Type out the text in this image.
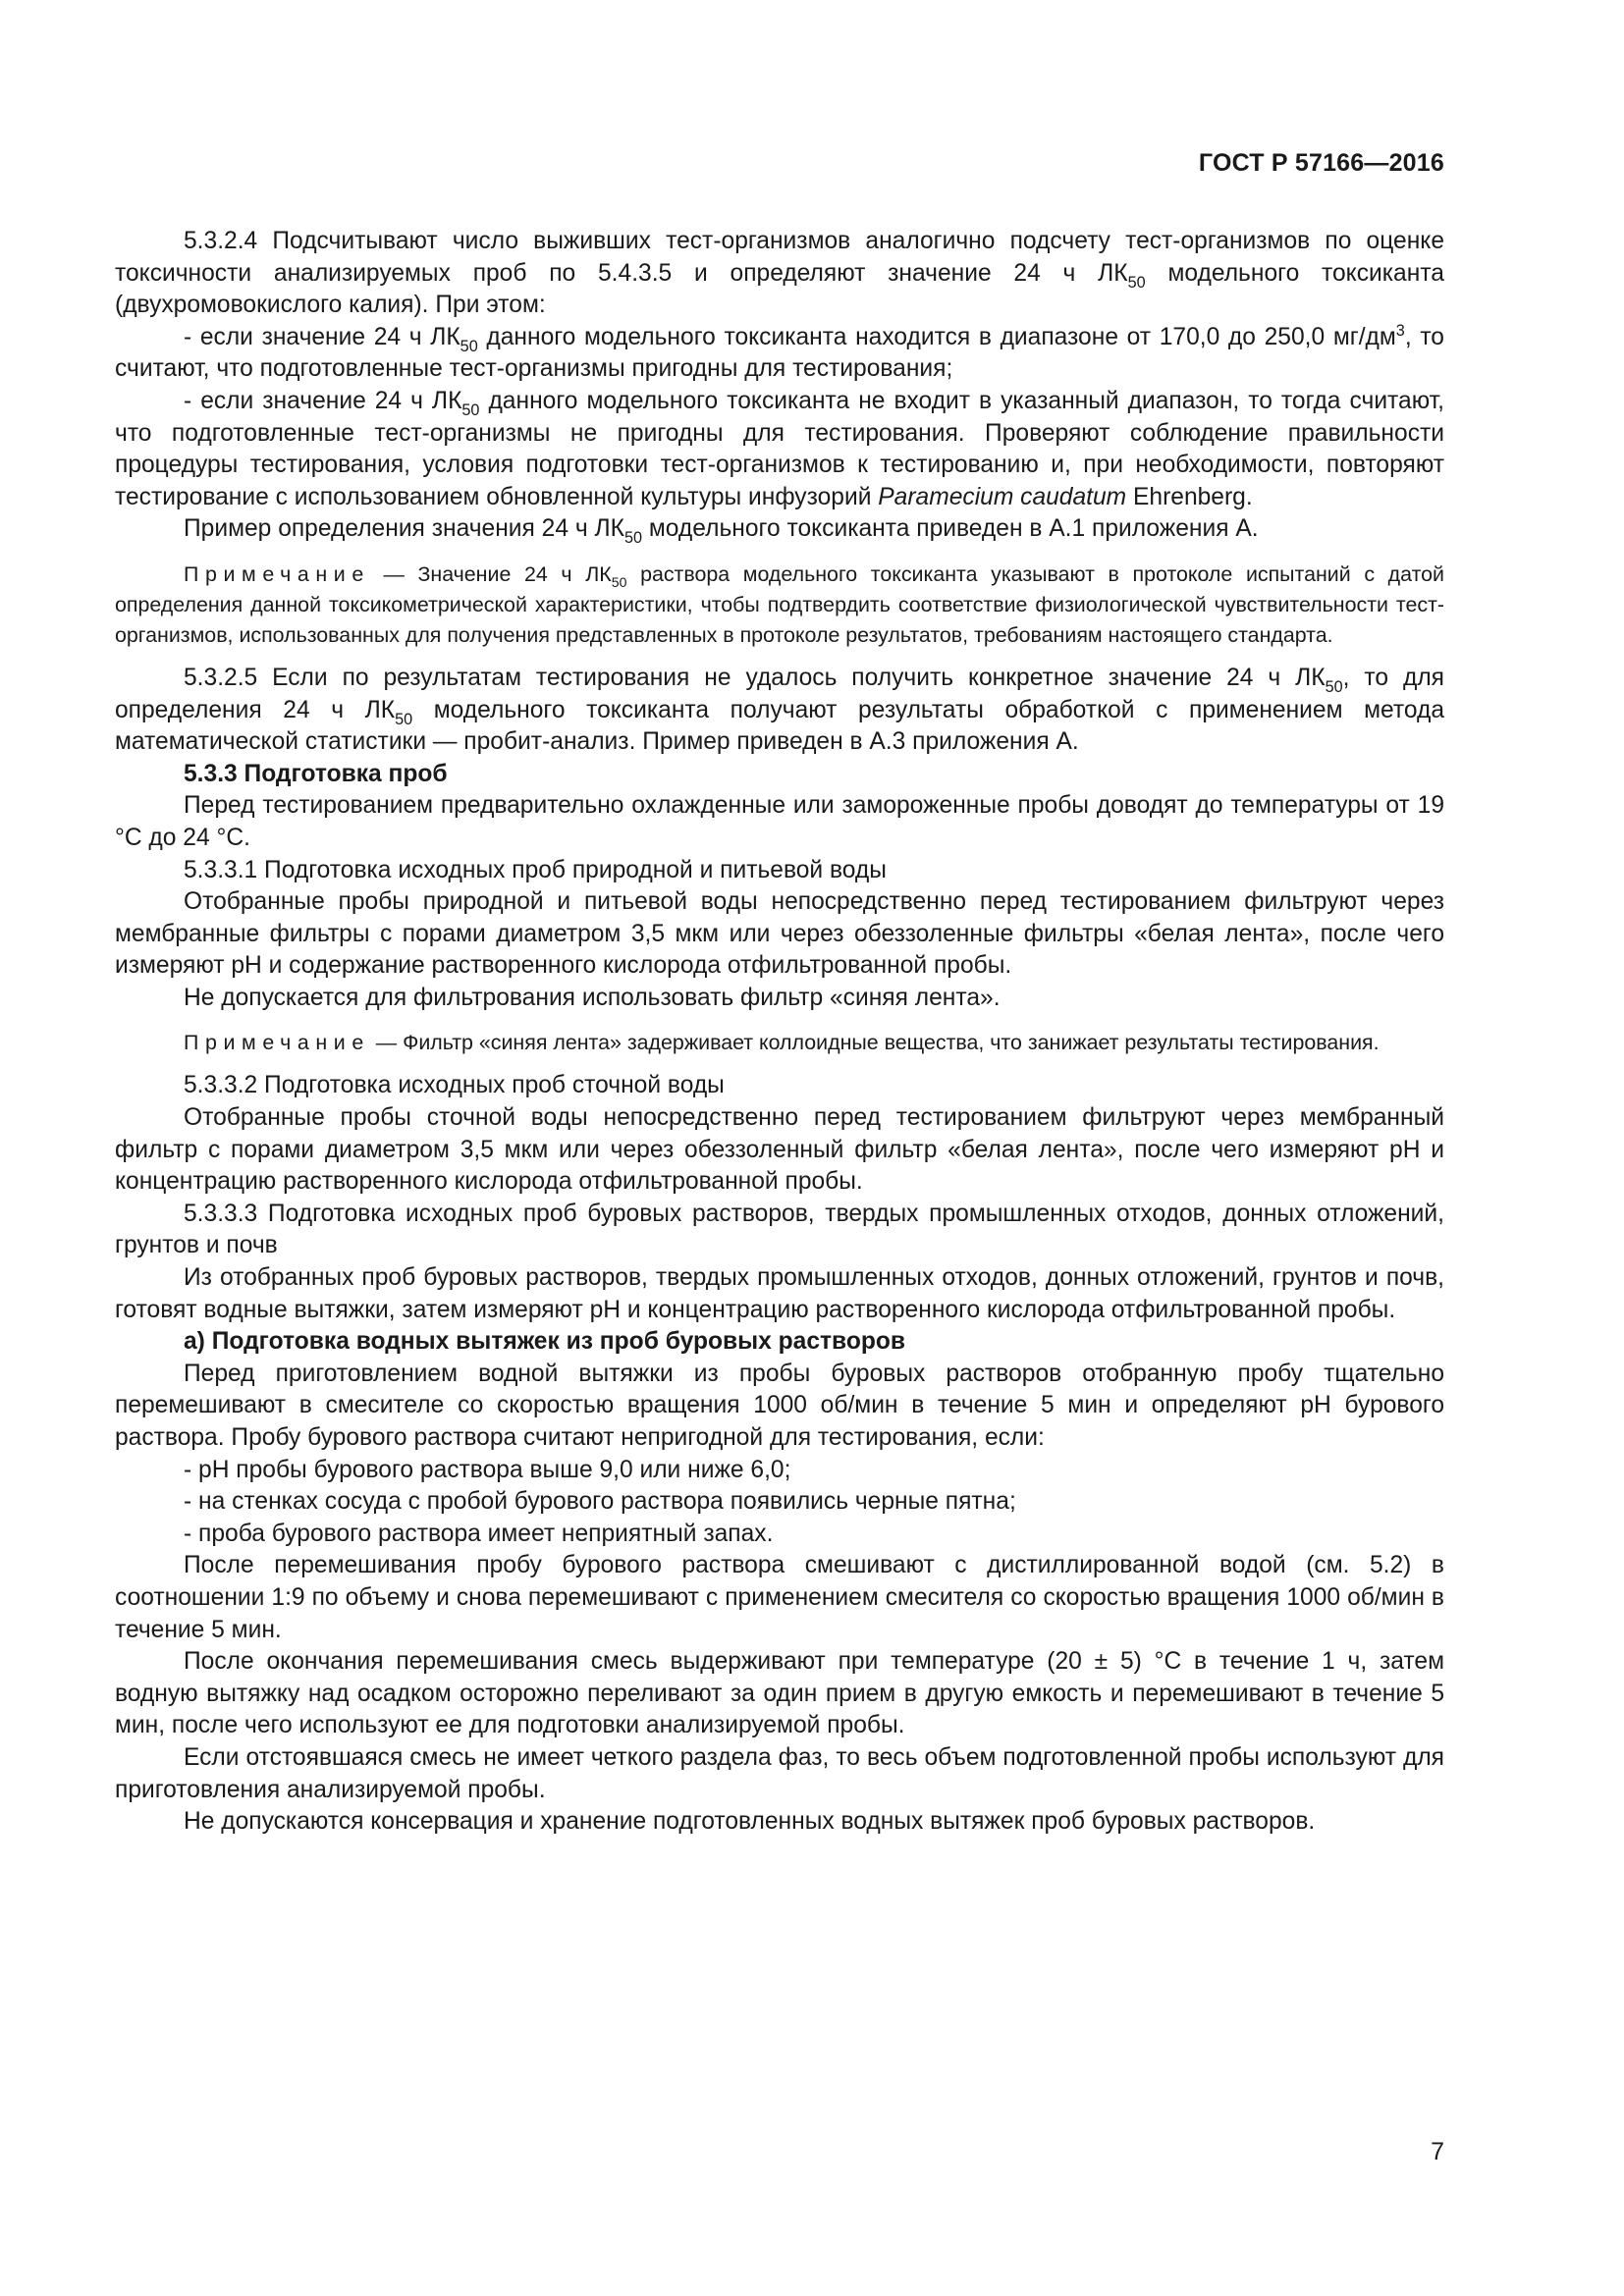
ГОСТ Р 57166—2016

5.3.2.4 Подсчитывают число выживших тест-организмов аналогично подсчету тест-организмов по оценке токсичности анализируемых проб по 5.4.3.5 и определяют значение 24 ч $ЛК_{50}$ модельного токсиканта (двухромовокислого калия). При этом:

- если значение 24 ч $ЛК_{50}$ данного модельного токсиканта находится в диапазоне от 170,0 до 250,0 $мг/дм^3$, то считают, что подготовленные тест-организмы пригодны для тестирования;

- если значение 24 ч $ЛК_{50}$ данного модельного токсиканта не входит в указанный диапазон, то тогда считают, что подготовленные тест-организмы не пригодны для тестирования. Проверяют соблюдение правильности процедуры тестирования, условия подготовки тест-организмов к тестированию и, при необходимости, повторяют тестирование с использованием обновленной культуры инфузорий Paramecium caudatum Ehrenberg.

Пример определения значения 24 ч $ЛК_{50}$ модельного токсиканта приведен в А.1 приложения А.

Примечание — Значение 24 ч $ЛК_{50}$ раствора модельного токсиканта указывают в протоколе испытаний с датой определения данной токсикометрической характеристики, чтобы подтвердить соответствие физиологической чувствительности тест-организмов, использованных для получения представленных в протоколе результатов, требованиям настоящего стандарта.

5.3.2.5 Если по результатам тестирования не удалось получить конкретное значение 24 ч $ЛК_{50}$, то для определения 24 ч $ЛК_{50}$ модельного токсиканта получают результаты обработкой с применением метода математической статистики — пробит-анализ. Пример приведен в А.3 приложения А.

5.3.3 Подготовка проб

Перед тестированием предварительно охлажденные или замороженные пробы доводят до температуры от 19 °С до 24 °С.

5.3.3.1 Подготовка исходных проб природной и питьевой воды

Отобранные пробы природной и питьевой воды непосредственно перед тестированием фильтруют через мембранные фильтры с порами диаметром 3,5 мкм или через обеззоленные фильтры «белая лента», после чего измеряют pH и содержание растворенного кислорода отфильтрованной пробы.

Не допускается для фильтрования использовать фильтр «синяя лента».

Примечание — Фильтр «синяя лента» задерживает коллоидные вещества, что занижает результаты тестирования.

5.3.3.2 Подготовка исходных проб сточной воды

Отобранные пробы сточной воды непосредственно перед тестированием фильтруют через мембранный фильтр с порами диаметром 3,5 мкм или через обеззоленный фильтр «белая лента», после чего измеряют pH и концентрацию растворенного кислорода отфильтрованной пробы.

5.3.3.3 Подготовка исходных проб буровых растворов, твердых промышленных отходов, донных отложений, грунтов и почв

Из отобранных проб буровых растворов, твердых промышленных отходов, донных отложений, грунтов и почв, готовят водные вытяжки, затем измеряют pH и концентрацию растворенного кислорода отфильтрованной пробы.

а) Подготовка водных вытяжек из проб буровых растворов

Перед приготовлением водной вытяжки из пробы буровых растворов отобранную пробу тщательно перемешивают в смесителе со скоростью вращения 1000 об/мин в течение 5 мин и определяют pH бурового раствора. Пробу бурового раствора считают непригодной для тестирования, если:

- pH пробы бурового раствора выше 9,0 или ниже 6,0;

- на стенках сосуда с пробой бурового раствора появились черные пятна;

- проба бурового раствора имеет неприятный запах.

После перемешивания пробу бурового раствора смешивают с дистиллированной водой (см. 5.2) в соотношении 1:9 по объему и снова перемешивают с применением смесителя со скоростью вращения 1000 об/мин в течение 5 мин.

После окончания перемешивания смесь выдерживают при температуре (20 ± 5) °С в течение 1 ч, затем водную вытяжку над осадком осторожно переливают за один прием в другую емкость и перемешивают в течение 5 мин, после чего используют ее для подготовки анализируемой пробы.

Если отстоявшаяся смесь не имеет четкого раздела фаз, то весь объем подготовленной пробы используют для приготовления анализируемой пробы.

Не допускаются консервация и хранение подготовленных водных вытяжек проб буровых растворов.

7
